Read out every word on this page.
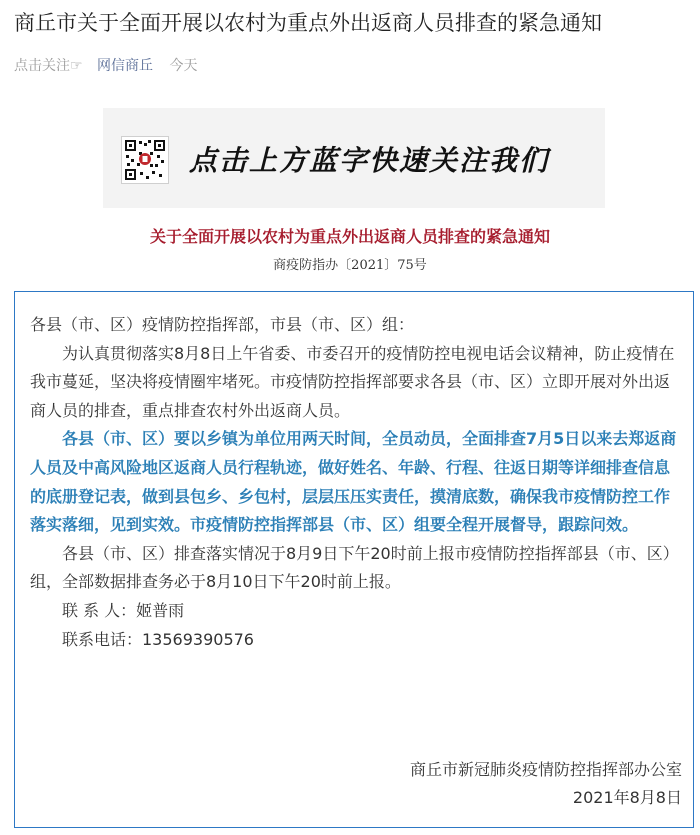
商丘市关于全面开展以农村为重点外出返商人员排查的紧急通知
点击关注☞ 网信商丘 今天
点击上方蓝字快速关注我们
关于全面开展以农村为重点外出返商人员排查的紧急通知
商疫防指办〔2021〕75号

各县（市、区）疫情防控指挥部，市县（市、区）组：

为认真贯彻落实8月8日上午省委、市委召开的疫情防控电视电话会议精神，防止疫情在我市蔓延，坚决将疫情圈牢堵死。市疫情防控指挥部要求各县（市、区）立即开展对外出返商人员的排查，重点排查农村外出返商人员。

各县（市、区）要以乡镇为单位用两天时间，全员动员，全面排查7月5日以来去郑返商人员及中高风险地区返商人员行程轨迹，做好姓名、年龄、行程、往返日期等详细排查信息的底册登记表，做到县包乡、乡包村，层层压压实责任，摸清底数，确保我市疫情防控工作落实落细，见到实效。市疫情防控指挥部县（市、区）组要全程开展督导，跟踪问效。

各县（市、区）排查落实情况于8月9日下午20时前上报市疫情防控指挥部县（市、区）组，全部数据排查务必于8月10日下午20时前上报。

联 系 人：姬普雨

联系电话：13569390576

商丘市新冠肺炎疫情防控指挥部办公室
2021年8月8日
